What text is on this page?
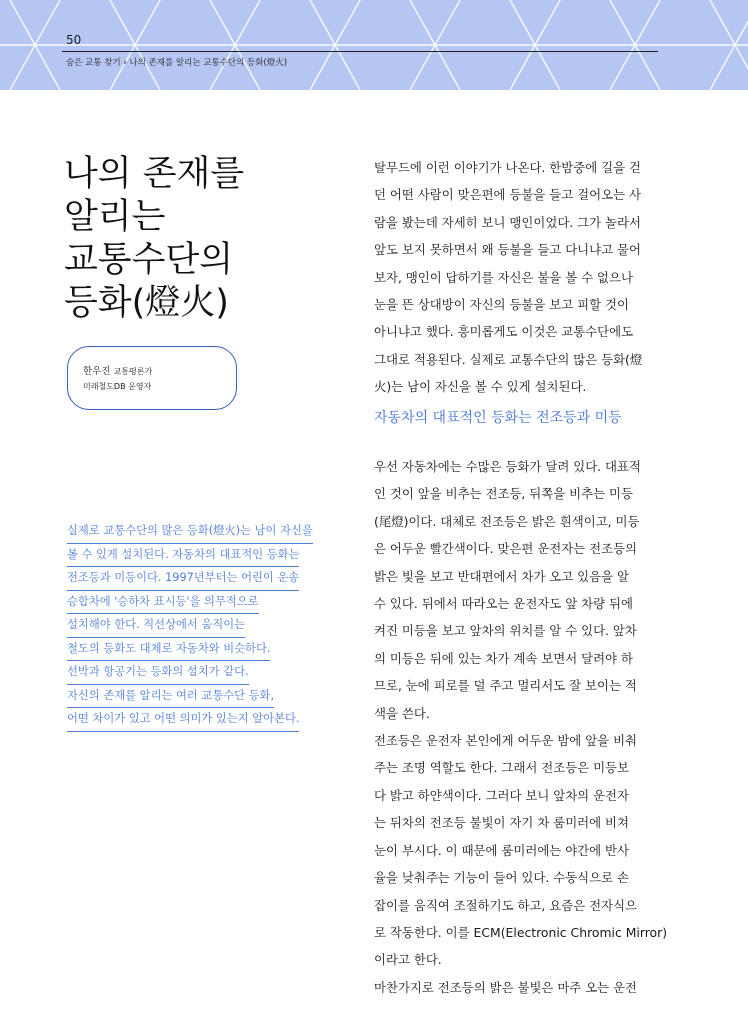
50
숨은 교통 찾기 › 나의 존재를 알리는 교통수단의 등화(燈火)
나의 존재를
알리는
교통수단의
등화(燈火)
한우진 교통평론가
미래철도DB 운영자
실제로 교통수단의 많은 등화(燈火)는 남이 자신을
볼 수 있게 설치된다. 자동차의 대표적인 등화는
전조등과 미등이다. 1997년부터는 어린이 운송
승합차에 '승하차 표시등'을 의무적으로
설치해야 한다. 직선상에서 움직이는
철도의 등화도 대체로 자동차와 비슷하다.
선박과 항공기는 등화의 설치가 같다.
자신의 존재를 알리는 여러 교통수단 등화,
어떤 차이가 있고 어떤 의미가 있는지 알아본다.
탈무드에 이런 이야기가 나온다. 한밤중에 길을 걷
던 어떤 사람이 맞은편에 등불을 들고 걸어오는 사
람을 봤는데 자세히 보니 맹인이었다. 그가 놀라서
앞도 보지 못하면서 왜 등불을 들고 다니냐고 물어
보자, 맹인이 답하기를 자신은 불을 볼 수 없으나
눈을 뜬 상대방이 자신의 등불을 보고 피할 것이
아니냐고 했다. 흥미롭게도 이것은 교통수단에도
그대로 적용된다. 실제로 교통수단의 많은 등화(燈
火)는 남이 자신을 볼 수 있게 설치된다.
자동차의 대표적인 등화는 전조등과 미등
우선 자동차에는 수많은 등화가 달려 있다. 대표적
인 것이 앞을 비추는 전조등, 뒤쪽을 비추는 미등
(尾燈)이다. 대체로 전조등은 밝은 흰색이고, 미등
은 어두운 빨간색이다. 맞은편 운전자는 전조등의
밝은 빛을 보고 반대편에서 차가 오고 있음을 알
수 있다. 뒤에서 따라오는 운전자도 앞 차량 뒤에
켜진 미등을 보고 앞차의 위치를 알 수 있다. 앞차
의 미등은 뒤에 있는 차가 계속 보면서 달려야 하
므로, 눈에 피로를 덜 주고 멀리서도 잘 보이는 적
색을 쓴다.
전조등은 운전자 본인에게 어두운 밤에 앞을 비춰
주는 조명 역할도 한다. 그래서 전조등은 미등보
다 밝고 하얀색이다. 그러다 보니 앞차의 운전자
는 뒤차의 전조등 불빛이 자기 차 룸미러에 비쳐
눈이 부시다. 이 때문에 룸미러에는 야간에 반사
율을 낮춰주는 기능이 들어 있다. 수동식으로 손
잡이를 움직여 조절하기도 하고, 요즘은 전자식으
로 작동한다. 이를 ECM(Electronic Chromic Mirror)
이라고 한다.
마찬가지로 전조등의 밝은 불빛은 마주 오는 운전
